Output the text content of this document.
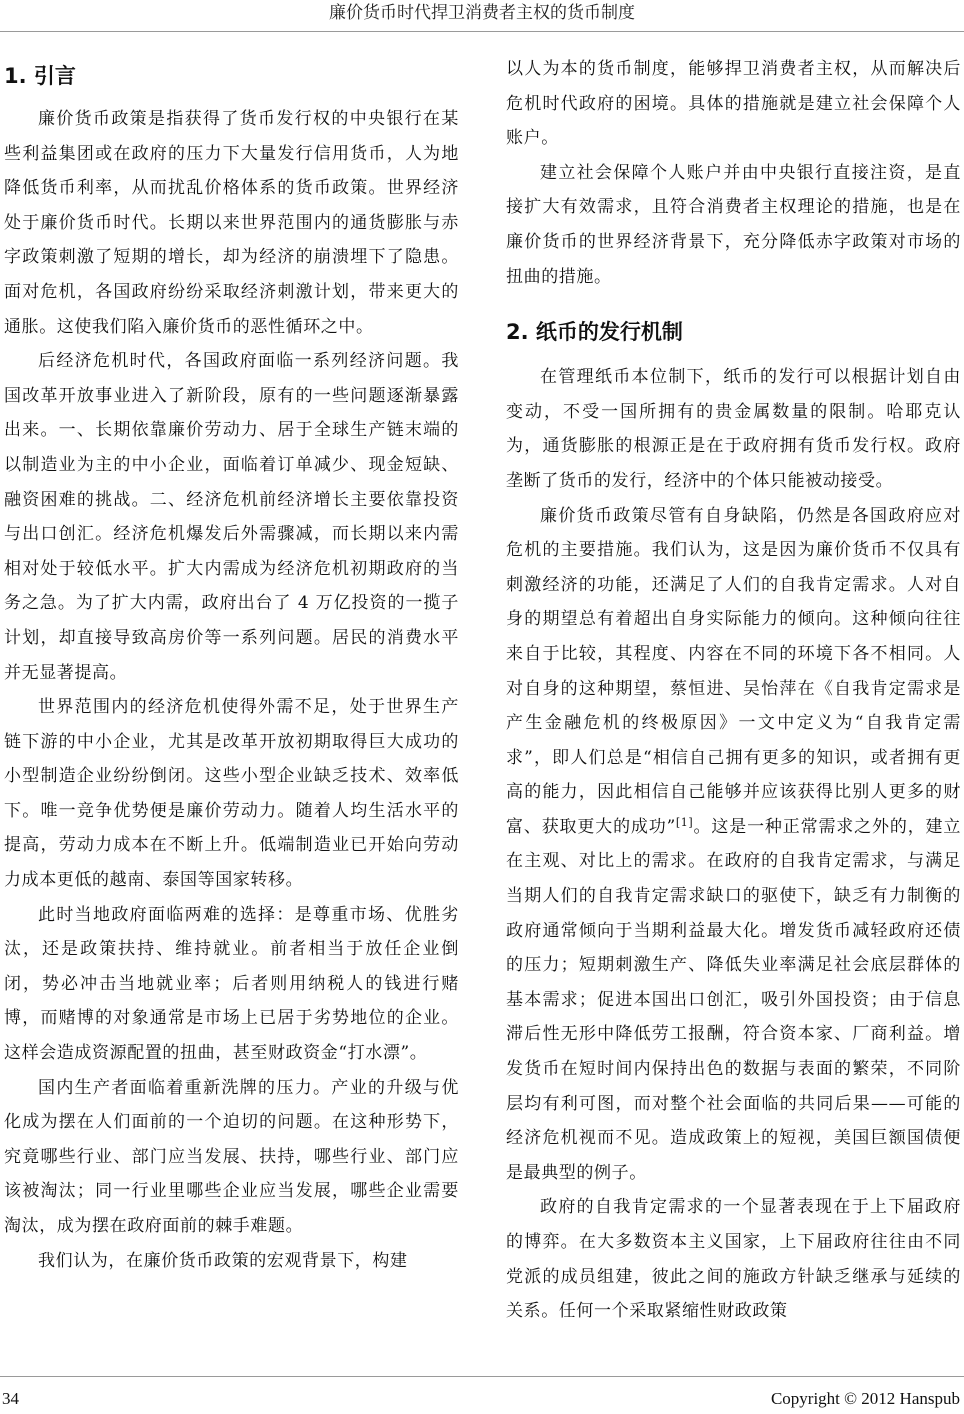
廉价货币时代捍卫消费者主权的货币制度
1. 引言

廉价货币政策是指获得了货币发行权的中央银行在某些利益集团或在政府的压力下大量发行信用货币，人为地降低货币利率，从而扰乱价格体系的货币政策。世界经济处于廉价货币时代。长期以来世界范围内的通货膨胀与赤字政策刺激了短期的增长，却为经济的崩溃埋下了隐患。面对危机，各国政府纷纷采取经济刺激计划，带来更大的通胀。这使我们陷入廉价货币的恶性循环之中。

后经济危机时代，各国政府面临一系列经济问题。我国改革开放事业进入了新阶段，原有的一些问题逐渐暴露出来。一、长期依靠廉价劳动力、居于全球生产链末端的以制造业为主的中小企业，面临着订单减少、现金短缺、融资困难的挑战。二、经济危机前经济增长主要依靠投资与出口创汇。经济危机爆发后外需骤减，而长期以来内需相对处于较低水平。扩大内需成为经济危机初期政府的当务之急。为了扩大内需，政府出台了 4 万亿投资的一揽子计划，却直接导致高房价等一系列问题。居民的消费水平并无显著提高。

世界范围内的经济危机使得外需不足，处于世界生产链下游的中小企业，尤其是改革开放初期取得巨大成功的小型制造企业纷纷倒闭。这些小型企业缺乏技术、效率低下。唯一竞争优势便是廉价劳动力。随着人均生活水平的提高，劳动力成本在不断上升。低端制造业已开始向劳动力成本更低的越南、泰国等国家转移。

此时当地政府面临两难的选择：是尊重市场、优胜劣汰，还是政策扶持、维持就业。前者相当于放任企业倒闭，势必冲击当地就业率；后者则用纳税人的钱进行赌博，而赌博的对象通常是市场上已居于劣势地位的企业。这样会造成资源配置的扭曲，甚至财政资金“打水漂”。

国内生产者面临着重新洗牌的压力。产业的升级与优化成为摆在人们面前的一个迫切的问题。在这种形势下，究竟哪些行业、部门应当发展、扶持，哪些行业、部门应该被淘汰；同一行业里哪些企业应当发展，哪些企业需要淘汰，成为摆在政府面前的棘手难题。

我们认为，在廉价货币政策的宏观背景下，构建

以人为本的货币制度，能够捍卫消费者主权，从而解决后危机时代政府的困境。具体的措施就是建立社会保障个人账户。

建立社会保障个人账户并由中央银行直接注资，是直接扩大有效需求，且符合消费者主权理论的措施，也是在廉价货币的世界经济背景下，充分降低赤字政策对市场的扭曲的措施。

2. 纸币的发行机制

在管理纸币本位制下，纸币的发行可以根据计划自由变动，不受一国所拥有的贵金属数量的限制。哈耶克认为，通货膨胀的根源正是在于政府拥有货币发行权。政府垄断了货币的发行，经济中的个体只能被动接受。

廉价货币政策尽管有自身缺陷，仍然是各国政府应对危机的主要措施。我们认为，这是因为廉价货币不仅具有刺激经济的功能，还满足了人们的自我肯定需求。人对自身的期望总有着超出自身实际能力的倾向。这种倾向往往来自于比较，其程度、内容在不同的环境下各不相同。人对自身的这种期望，蔡恒进、吴怡萍在《自我肯定需求是产生金融危机的终极原因》一文中定义为“自我肯定需求”，即人们总是“相信自己拥有更多的知识，或者拥有更高的能力，因此相信自己能够并应该获得比别人更多的财富、获取更大的成功”[1]。这是一种正常需求之外的，建立在主观、对比上的需求。在政府的自我肯定需求，与满足当期人们的自我肯定需求缺口的驱使下，缺乏有力制衡的政府通常倾向于当期利益最大化。增发货币减轻政府还债的压力；短期刺激生产、降低失业率满足社会底层群体的基本需求；促进本国出口创汇，吸引外国投资；由于信息滞后性无形中降低劳工报酬，符合资本家、厂商利益。增发货币在短时间内保持出色的数据与表面的繁荣，不同阶层均有利可图，而对整个社会面临的共同后果——可能的经济危机视而不见。造成政策上的短视，美国巨额国债便是最典型的例子。

政府的自我肯定需求的一个显著表现在于上下届政府的博弈。在大多数资本主义国家，上下届政府往往由不同党派的成员组建，彼此之间的施政方针缺乏继承与延续的关系。任何一个采取紧缩性财政政策

34	Copyright © 2012 Hanspub
